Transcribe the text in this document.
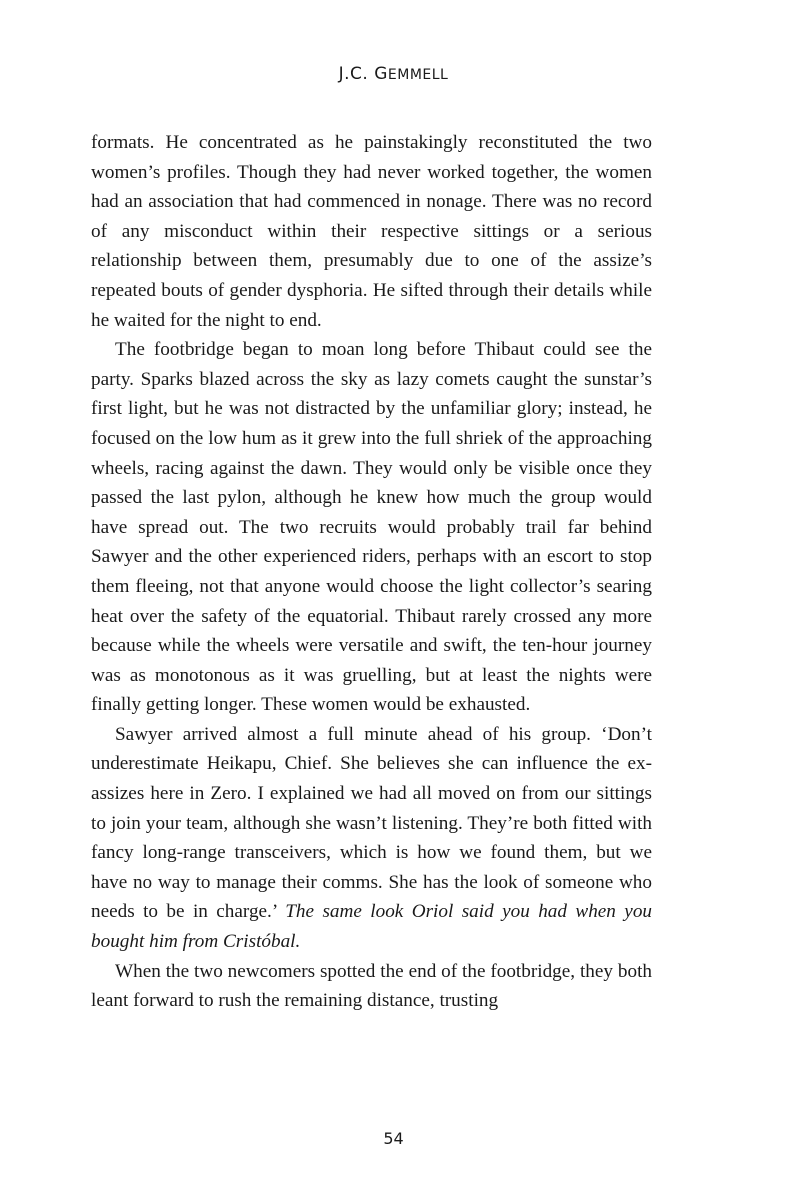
J.C. GEMMELL

formats. He concentrated as he painstakingly reconstituted the two women’s profiles. Though they had never worked together, the women had an association that had commenced in nonage. There was no record of any misconduct within their respective sittings or a serious relationship between them, presumably due to one of the assize’s repeated bouts of gender dysphoria. He sifted through their details while he waited for the night to end.

The footbridge began to moan long before Thibaut could see the party. Sparks blazed across the sky as lazy comets caught the sunstar’s first light, but he was not distracted by the unfamiliar glory; instead, he focused on the low hum as it grew into the full shriek of the approaching wheels, racing against the dawn. They would only be visible once they passed the last pylon, although he knew how much the group would have spread out. The two recruits would probably trail far behind Sawyer and the other experienced riders, perhaps with an escort to stop them fleeing, not that anyone would choose the light collector’s searing heat over the safety of the equatorial. Thibaut rarely crossed any more because while the wheels were versatile and swift, the ten-hour journey was as monotonous as it was gruelling, but at least the nights were finally getting longer. These women would be exhausted.

Sawyer arrived almost a full minute ahead of his group. ‘Don’t underestimate Heikapu, Chief. She believes she can influence the ex-assizes here in Zero. I explained we had all moved on from our sittings to join your team, although she wasn’t listening. They’re both fitted with fancy long-range transceivers, which is how we found them, but we have no way to manage their comms. She has the look of someone who needs to be in charge.’ The same look Oriol said you had when you bought him from Cristóbal.

When the two newcomers spotted the end of the footbridge, they both leant forward to rush the remaining distance, trusting

54
